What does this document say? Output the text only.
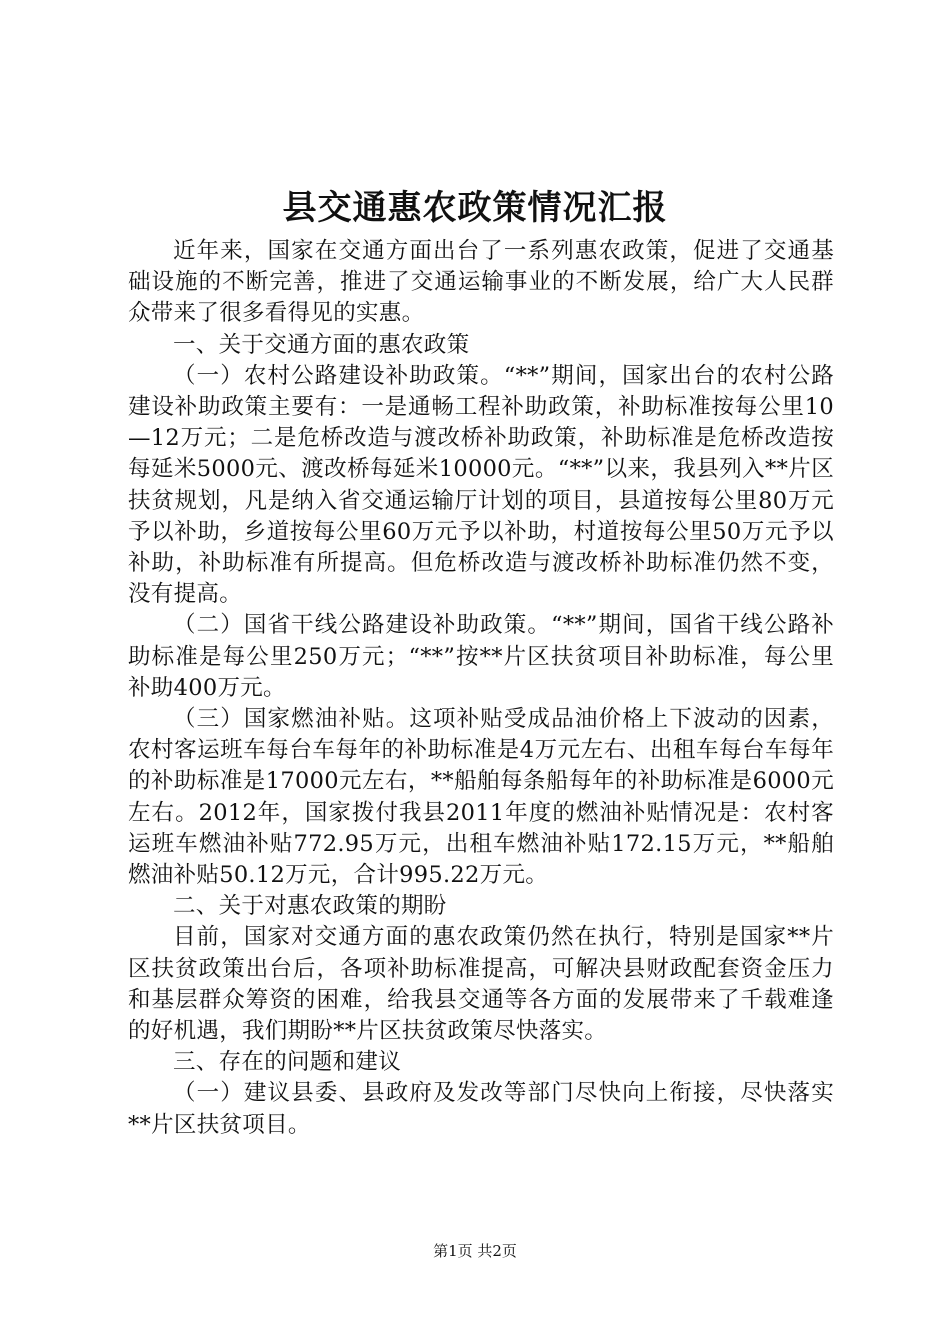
县交通惠农政策情况汇报

近年来，国家在交通方面出台了一系列惠农政策，促进了交通基础设施的不断完善，推进了交通运输事业的不断发展，给广大人民群众带来了很多看得见的实惠。

一、关于交通方面的惠农政策

（一）农村公路建设补助政策。“**”期间，国家出台的农村公路建设补助政策主要有：一是通畅工程补助政策，补助标准按每公里10—12万元；二是危桥改造与渡改桥补助政策，补助标准是危桥改造按每延米5000元、渡改桥每延米10000元。“**”以来，我县列入**片区扶贫规划，凡是纳入省交通运输厅计划的项目，县道按每公里80万元予以补助，乡道按每公里60万元予以补助，村道按每公里50万元予以补助，补助标准有所提高。但危桥改造与渡改桥补助标准仍然不变，没有提高。

（二）国省干线公路建设补助政策。“**”期间，国省干线公路补助标准是每公里250万元；“**”按**片区扶贫项目补助标准，每公里补助400万元。

（三）国家燃油补贴。这项补贴受成品油价格上下波动的因素，农村客运班车每台车每年的补助标准是4万元左右、出租车每台车每年的补助标准是17000元左右，**船舶每条船每年的补助标准是6000元左右。2012年，国家拨付我县2011年度的燃油补贴情况是：农村客运班车燃油补贴772.95万元，出租车燃油补贴172.15万元，**船舶燃油补贴50.12万元，合计995.22万元。

二、关于对惠农政策的期盼

目前，国家对交通方面的惠农政策仍然在执行，特别是国家**片区扶贫政策出台后，各项补助标准提高，可解决县财政配套资金压力和基层群众筹资的困难，给我县交通等各方面的发展带来了千载难逢的好机遇，我们期盼**片区扶贫政策尽快落实。

三、存在的问题和建议

（一）建议县委、县政府及发改等部门尽快向上衔接，尽快落实**片区扶贫项目。

第1页 共2页
